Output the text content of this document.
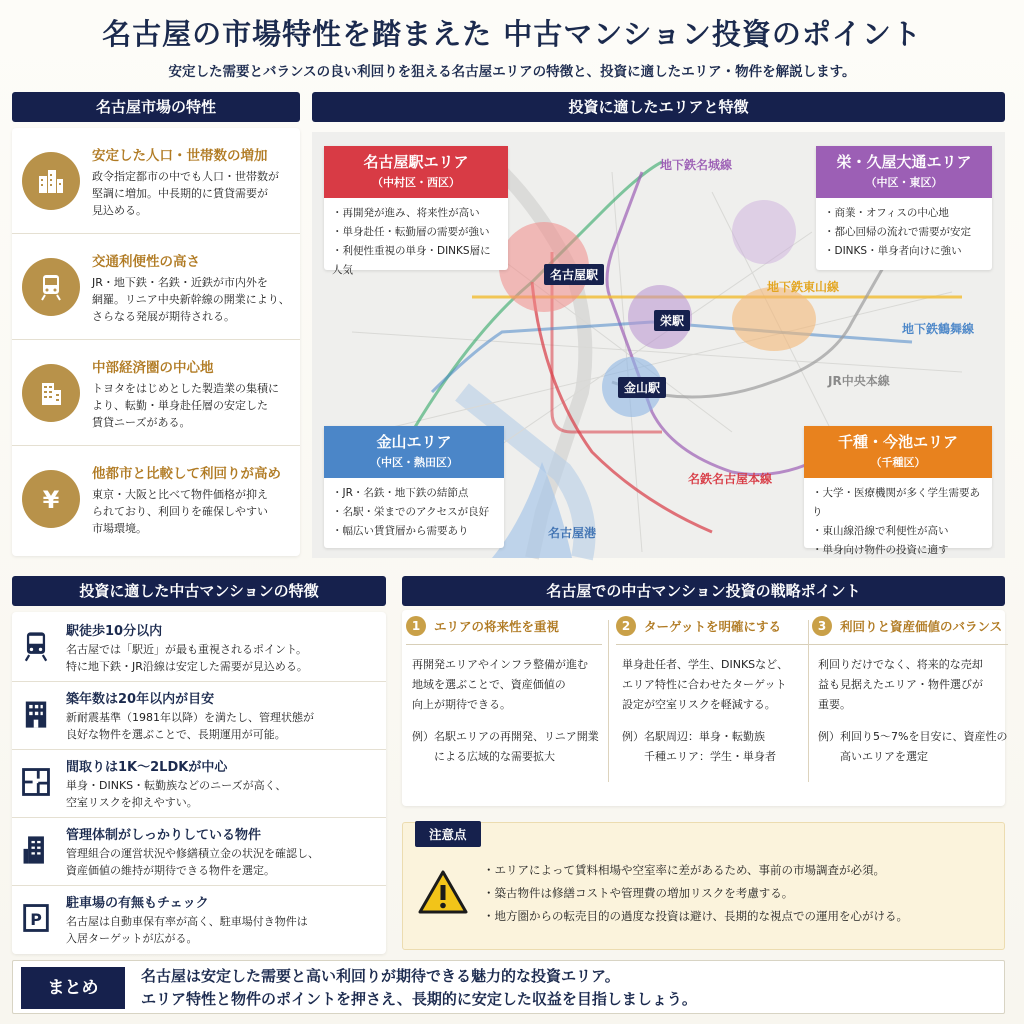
名古屋の市場特性を踏まえた 中古マンション投資のポイント
安定した需要とバランスの良い利回りを狙える名古屋エリアの特徴と、投資に適したエリア・物件を解説します。
名古屋市場の特性
安定した人口・世帯数の増加

政令指定都市の中でも人口・世帯数が
堅調に増加。中長期的に賃貸需要が
見込める。

交通利便性の高さ

JR・地下鉄・名鉄・近鉄が市内外を
網羅。リニア中央新幹線の開業により、
さらなる発展が期待される。

中部経済圏の中心地

トヨタをはじめとした製造業の集積に
より、転勤・単身赴任層の安定した
賃貸ニーズがある。

¥
他都市と比較して利回りが高め

東京・大阪と比べて物件価格が抑え
られており、利回りを確保しやすい
市場環境。

投資に適したエリアと特徴
名古屋駅エリア
（中村区・西区）
・再開発が進み、将来性が高い
・単身赴任・転勤層の需要が強い
・利便性重視の単身・DINKS層に人気
栄・久屋大通エリア
（中区・東区）
・商業・オフィスの中心地
・都心回帰の流れで需要が安定
・DINKS・単身者向けに強い
金山エリア
（中区・熱田区）
・JR・名鉄・地下鉄の結節点
・名駅・栄までのアクセスが良好
・幅広い賃貸層から需要あり
千種・今池エリア
（千種区）
・大学・医療機関が多く学生需要あり
・東山線沿線で利便性が高い
・単身向け物件の投資に適す
名古屋駅
栄駅
金山駅
地下鉄名城線
地下鉄東山線
地下鉄鶴舞線
JR中央本線
名鉄名古屋本線
名古屋港
投資に適した中古マンションの特徴
駅徒歩10分以内

名古屋では「駅近」が最も重視されるポイント。
特に地下鉄・JR沿線は安定した需要が見込める。

築年数は20年以内が目安

新耐震基準（1981年以降）を満たし、管理状態が
良好な物件を選ぶことで、長期運用が可能。

間取りは1K〜2LDKが中心

単身・DINKS・転勤族などのニーズが高く、
空室リスクを抑えやすい。

管理体制がしっかりしている物件

管理組合の運営状況や修繕積立金の状況を確認し、
資産価値の維持が期待できる物件を選定。

P
駐車場の有無もチェック

名古屋は自動車保有率が高く、駐車場付き物件は
入居ターゲットが広がる。

名古屋での中古マンション投資の戦略ポイント
1	エリアの将来性を重視

再開発エリアやインフラ整備が進む
地域を選ぶことで、資産価値の
向上が期待できる。

例）名駅エリアの再開発、リニア開業
　　による広域的な需要拡大

2	ターゲットを明確にする

単身赴任者、学生、DINKSなど、
エリア特性に合わせたターゲット
設定が空室リスクを軽減する。

例）名駅周辺：単身・転勤族
　　千種エリア：学生・単身者

3	利回りと資産価値のバランス

利回りだけでなく、将来的な売却
益も見据えたエリア・物件選びが
重要。

例）利回り5〜7%を目安に、資産性の
　　高いエリアを選定

注意点
・エリアによって賃料相場や空室率に差があるため、事前の市場調査が必須。
・築古物件は修繕コストや管理費の増加リスクを考慮する。
・地方圏からの転売目的の過度な投資は避け、長期的な視点での運用を心がける。
まとめ
名古屋は安定した需要と高い利回りが期待できる魅力的な投資エリア。
エリア特性と物件のポイントを押さえ、長期的に安定した収益を目指しましょう。
